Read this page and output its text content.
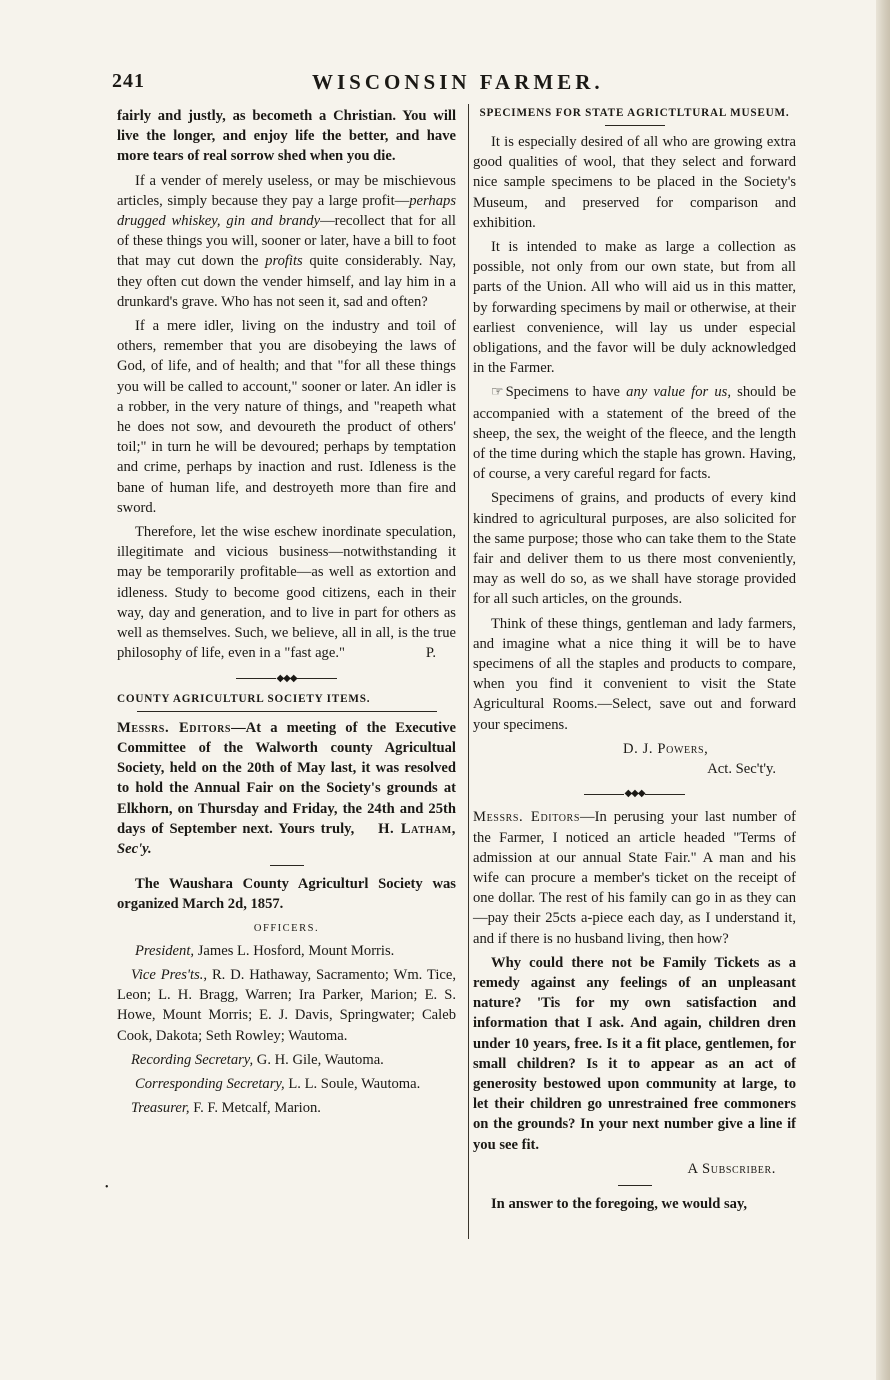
241	WISCONSIN FARMER.

fairly and justly, as becometh a Christian. You will live the longer, and enjoy life the better, and have more tears of real sorrow shed when you die.

If a vender of merely useless, or may be mischievous articles, simply because they pay a large profit—perhaps drugged whiskey, gin and brandy—recollect that for all of these things you will, sooner or later, have a bill to foot that may cut down the profits quite considerably. Nay, they often cut down the vender himself, and lay him in a drunkard's grave. Who has not seen it, sad and often?

If a mere idler, living on the industry and toil of others, remember that you are disobeying the laws of God, of life, and of health; and that "for all these things you will be called to account," sooner or later. An idler is a robber, in the very nature of things, and "reapeth what he does not sow, and devoureth the product of others' toil;" in turn he will be devoured; perhaps by temptation and crime, perhaps by inaction and rust. Idleness is the bane of human life, and destroyeth more than fire and sword.

Therefore, let the wise eschew inordinate speculation, illegitimate and vicious business—notwithstanding it may be temporarily profitable—as well as extortion and idleness. Study to become good citizens, each in their way, day and generation, and to live in part for others as well as themselves. Such, we believe, all in all, is the true philosophy of life, even in a "fast age."	P.
◆◆◆
COUNTY AGRICULTURL SOCIETY ITEMS.

Messrs. Editors—At a meeting of the Executive Committee of the Walworth county Agricultual Society, held on the 20th of May last, it was resolved to hold the Annual Fair on the Society's grounds at Elkhorn, on Thursday and Friday, the 24th and 25th days of September next. Yours truly, H. Latham, Sec'y.

The Waushara County Agriculturl Society was organized March 2d, 1857.

OFFICERS.

President, James L. Hosford, Mount Morris.

Vice Pres'ts., R. D. Hathaway, Sacramento; Wm. Tice, Leon; L. H. Bragg, Warren; Ira Parker, Marion; E. S. Howe, Mount Morris; E. J. Davis, Springwater; Caleb Cook, Dakota; Seth Rowley; Wautoma.

Recording Secretary, G. H. Gile, Wautoma.

Corresponding Secretary, L. L. Soule, Wautoma.

Treasurer, F. F. Metcalf, Marion.

SPECIMENS FOR STATE AGRICTLTURAL MUSEUM.

It is especially desired of all who are growing extra good qualities of wool, that they select and forward nice sample specimens to be placed in the Society's Museum, and preserved for comparison and exhibition.

It is intended to make as large a collection as possible, not only from our own state, but from all parts of the Union. All who will aid us in this matter, by forwarding specimens by mail or otherwise, at their earliest convenience, will lay us under especial obligations, and the favor will be duly acknowledged in the Farmer.

☞ Specimens to have any value for us, should be accompanied with a statement of the breed of the sheep, the sex, the weight of the fleece, and the length of the time during which the staple has grown. Having, of course, a very careful regard for facts.

Specimens of grains, and products of every kind kindred to agricultural purposes, are also solicited for the same purpose; those who can take them to the State fair and deliver them to us there most conveniently, may as well do so, as we shall have storage provided for all such articles, on the grounds.

Think of these things, gentleman and lady farmers, and imagine what a nice thing it will be to have specimens of all the staples and products to compare, when you find it convenient to visit the State Agricultural Rooms.—Select, save out and forward your specimens.

D. J. Powers,
Act. Sec't'y.
◆◆◆

Messrs. Editors—In perusing your last number of the Farmer, I noticed an article headed "Terms of admission at our annual State Fair." A man and his wife can procure a member's ticket on the receipt of one dollar. The rest of his family can go in as they can—pay their 25cts a-piece each day, as I understand it, and if there is no husband living, then how?

Why could there not be Family Tickets as a remedy against any feelings of an unpleasant nature? 'Tis for my own satisfaction and information that I ask. And again, children dren under 10 years, free. Is it a fit place, gentlemen, for small children? Is it to appear as an act of generosity bestowed upon community at large, to let their children go unrestrained free commoners on the grounds? In your next number give a line if you see fit.

A Subscriber.

In answer to the foregoing, we would say,

•
